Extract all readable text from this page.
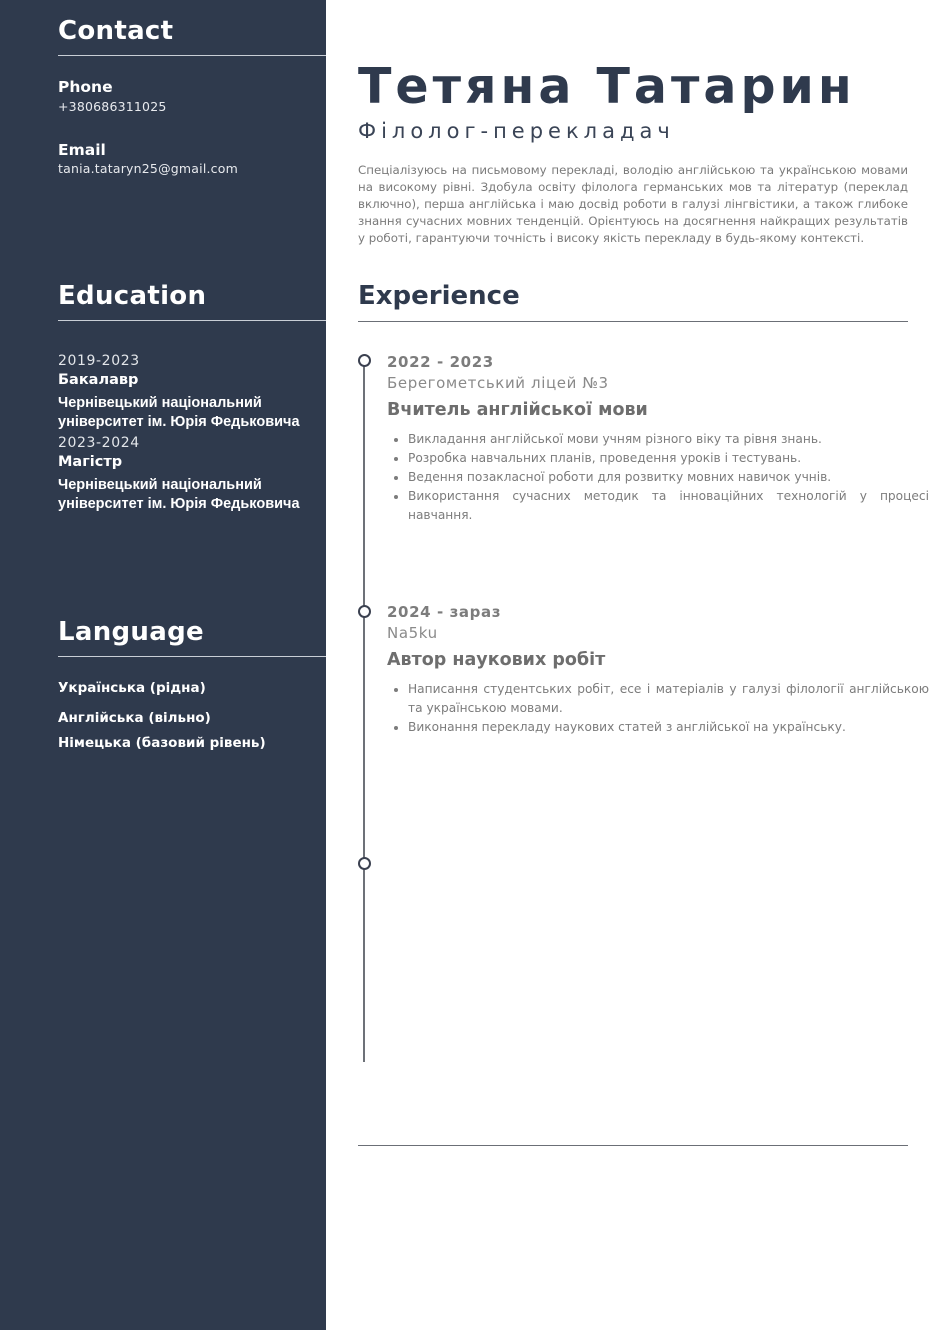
Contact
Phone
+380686311025
Email
tania.tataryn25@gmail.com
Education
2019-2023
Бакалавр
Чернівецький національний університет ім. Юрія Федьковича
2023-2024
Магістр
Чернівецький національний університет ім. Юрія Федьковича
Language
Українська (рідна)
Англійська (вільно)
Німецька (базовий рівень)
Тетяна Татарин
Філолог-перекладач

Спеціалізуюсь на письмовому перекладі, володію англійською та українською мовами на високому рівні. Здобула освіту філолога германських мов та літератур (переклад включно), перша англійська і маю досвід роботи в галузі лінгвістики, а також глибоке знання сучасних мовних тенденцій. Орієнтуюсь на досягнення найкращих результатів у роботі, гарантуючи точність і високу якість перекладу в будь-якому контексті.

Experience
2022 - 2023
Берегометський ліцей №3
Вчитель англійської мови
• Викладання англійської мови учням різного віку та рівня знань.
• Розробка навчальних планів, проведення уроків і тестувань.
• Ведення позакласної роботи для розвитку мовних навичок учнів.
• Використання сучасних методик та інноваційних технологій у процесі навчання.
2024 - зараз
Na5ku
Автор наукових робіт
• Написання студентських робіт, есе і матеріалів у галузі філології англійською та українською мовами.
• Виконання перекладу наукових статей з англійської на українську.
